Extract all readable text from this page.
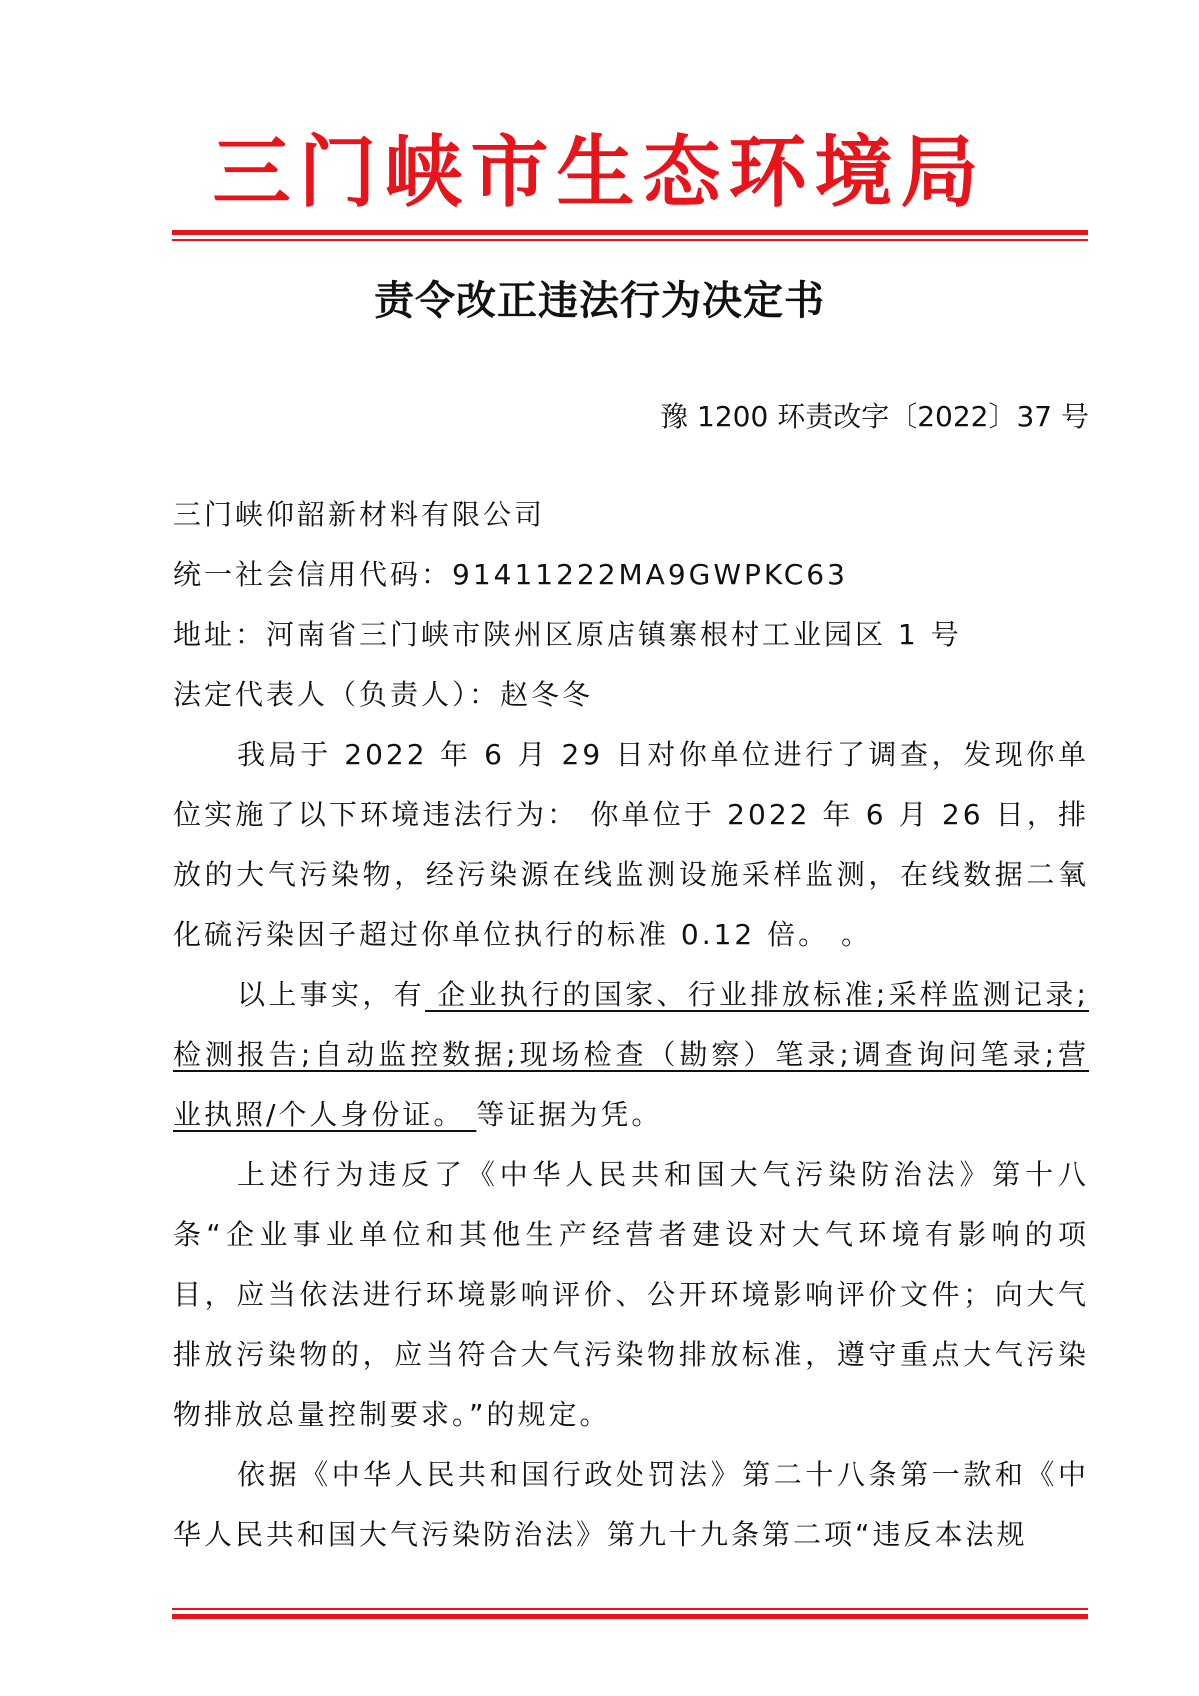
三门峡市生态环境局
责令改正违法行为决定书
豫 1200 环责改字〔2022〕37 号

三门峡仰韶新材料有限公司

统一社会信用代码：91411222MA9GWPKC63

地址：河南省三门峡市陕州区原店镇寨根村工业园区 1 号

法定代表人（负责人）：赵冬冬

我局于 2022 年 6 月 29 日对你单位进行了调查，发现你单位实施了以下环境违法行为： 你单位于 2022 年 6 月 26 日，排放的大气污染物，经污染源在线监测设施采样监测，在线数据二氧化硫污染因子超过你单位执行的标准 0.12 倍。 。

以上事实，有 企业执行的国家、行业排放标准;采样监测记录;检测报告;自动监控数据;现场检查（勘察）笔录;调查询问笔录;营业执照/个人身份证。 等证据为凭。

上述行为违反了《中华人民共和国大气污染防治法》第十八条“企业事业单位和其他生产经营者建设对大气环境有影响的项目，应当依法进行环境影响评价、公开环境影响评价文件；向大气排放污染物的，应当符合大气污染物排放标准，遵守重点大气污染物排放总量控制要求。”的规定。

依据《中华人民共和国行政处罚法》第二十八条第一款和《中华人民共和国大气污染防治法》第九十九条第二项“违反本法规
